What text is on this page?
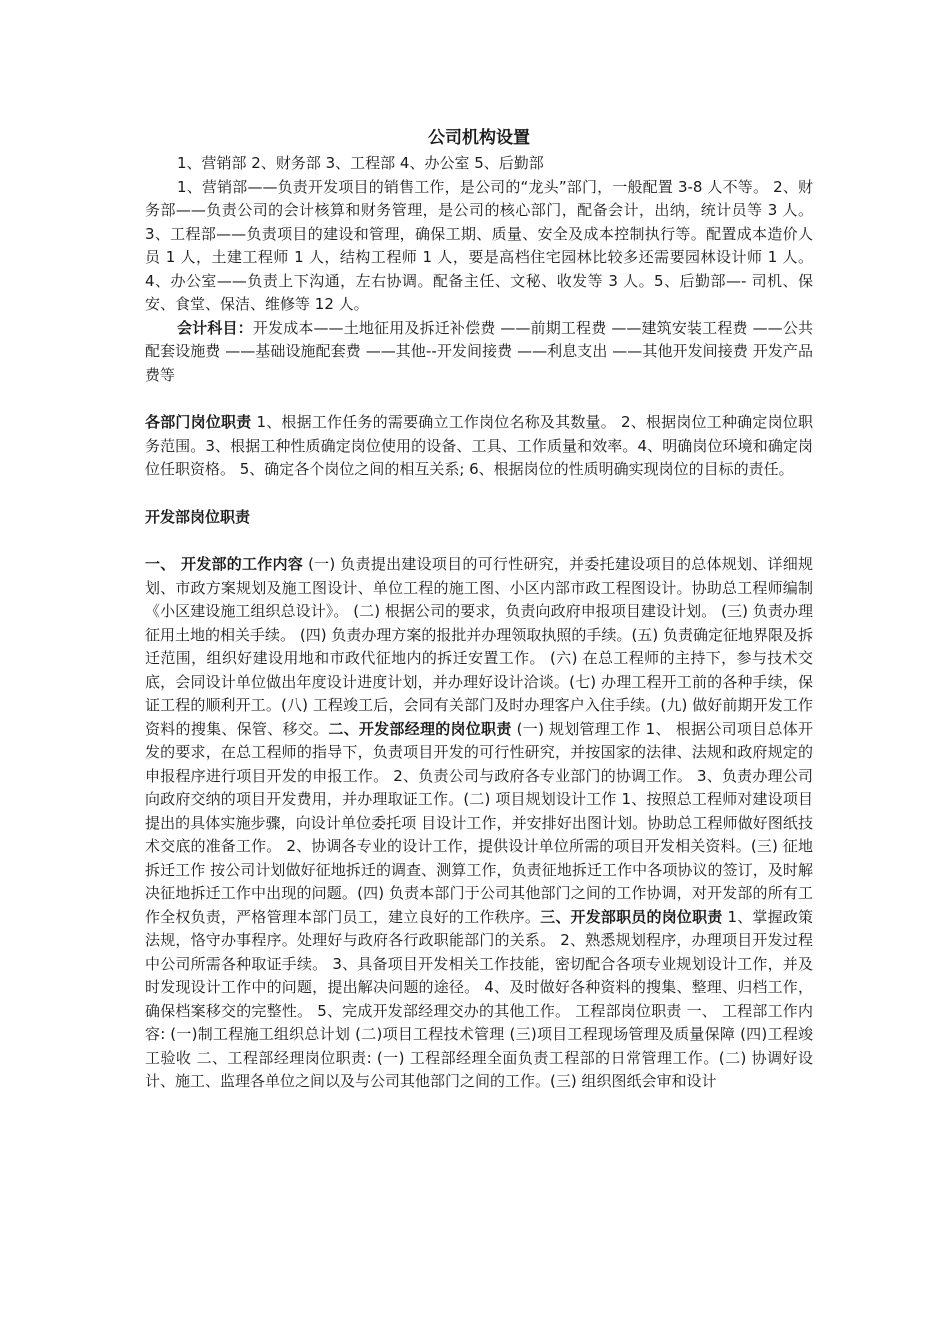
公司机构设置

1、营销部 2、财务部 3、工程部 4、办公室 5、后勤部

1、营销部——负责开发项目的销售工作，是公司的“龙头”部门，一般配置 3-8 人不等。 2、财务部——负责公司的会计核算和财务管理，是公司的核心部门，配备会计，出纳，统计员等 3 人。3、工程部——负责项目的建设和管理，确保工期、质量、安全及成本控制执行等。配置成本造价人员 1 人，土建工程师 1 人，结构工程师 1 人，要是高档住宅园林比较多还需要园林设计师 1 人。4、办公室——负责上下沟通，左右协调。配备主任、文秘、收发等 3 人。5、后勤部—- 司机、保安、食堂、保洁、维修等 12 人。

会计科目：开发成本——土地征用及拆迁补偿费 ——前期工程费 ——建筑安装工程费 ——公共配套设施费 ——基础设施配套费 ——其他--开发间接费 ——利息支出 ——其他开发间接费 开发产品费等

各部门岗位职责 1、根据工作任务的需要确立工作岗位名称及其数量。 2、根据岗位工种确定岗位职务范围。3、根据工种性质确定岗位使用的设备、工具、工作质量和效率。4、明确岗位环境和确定岗位任职资格。 5、确定各个岗位之间的相互关系; 6、根据岗位的性质明确实现岗位的目标的责任。

开发部岗位职责

一、 开发部的工作内容 (一) 负责提出建设项目的可行性研究，并委托建设项目的总体规划、详细规划、市政方案规划及施工图设计、单位工程的施工图、小区内部市政工程图设计。协助总工程师编制《小区建设施工组织总设计》。 (二) 根据公司的要求，负责向政府申报项目建设计划。 (三) 负责办理征用土地的相关手续。 (四) 负责办理方案的报批并办理领取执照的手续。(五) 负责确定征地界限及拆迁范围，组织好建设用地和市政代征地内的拆迁安置工作。 (六) 在总工程师的主持下，参与技术交底，会同设计单位做出年度设计进度计划，并办理好设计洽谈。(七) 办理工程开工前的各种手续，保证工程的顺利开工。(八) 工程竣工后，会同有关部门及时办理客户入住手续。(九) 做好前期开发工作资料的搜集、保管、移交。二、开发部经理的岗位职责 (一) 规划管理工作 1、 根据公司项目总体开发的要求，在总工程师的指导下，负责项目开发的可行性研究，并按国家的法律、法规和政府规定的申报程序进行项目开发的申报工作。 2、负责公司与政府各专业部门的协调工作。 3、负责办理公司向政府交纳的项目开发费用，并办理取证工作。(二) 项目规划设计工作 1、按照总工程师对建设项目提出的具体实施步骤，向设计单位委托项 目设计工作，并安排好出图计划。协助总工程师做好图纸技术交底的准备工作。 2、协调各专业的设计工作，提供设计单位所需的项目开发相关资料。(三) 征地拆迁工作 按公司计划做好征地拆迁的调查、测算工作，负责征地拆迁工作中各项协议的签订，及时解决征地拆迁工作中出现的问题。(四) 负责本部门于公司其他部门之间的工作协调，对开发部的所有工作全权负责，严格管理本部门员工，建立良好的工作秩序。三、开发部职员的岗位职责 1、掌握政策法规，恪守办事程序。处理好与政府各行政职能部门的关系。 2、熟悉规划程序，办理项目开发过程中公司所需各种取证手续。 3、具备项目开发相关工作技能，密切配合各项专业规划设计工作，并及时发现设计工作中的问题，提出解决问题的途径。 4、及时做好各种资料的搜集、整理、归档工作，确保档案移交的完整性。 5、完成开发部经理交办的其他工作。 工程部岗位职责 一、 工程部工作内容: (一)制工程施工组织总计划 (二)项目工程技术管理 (三)项目工程现场管理及质量保障 (四)工程竣工验收 二、工程部经理岗位职责: (一) 工程部经理全面负责工程部的日常管理工作。(二) 协调好设计、施工、监理各单位之间以及与公司其他部门之间的工作。(三) 组织图纸会审和设计
